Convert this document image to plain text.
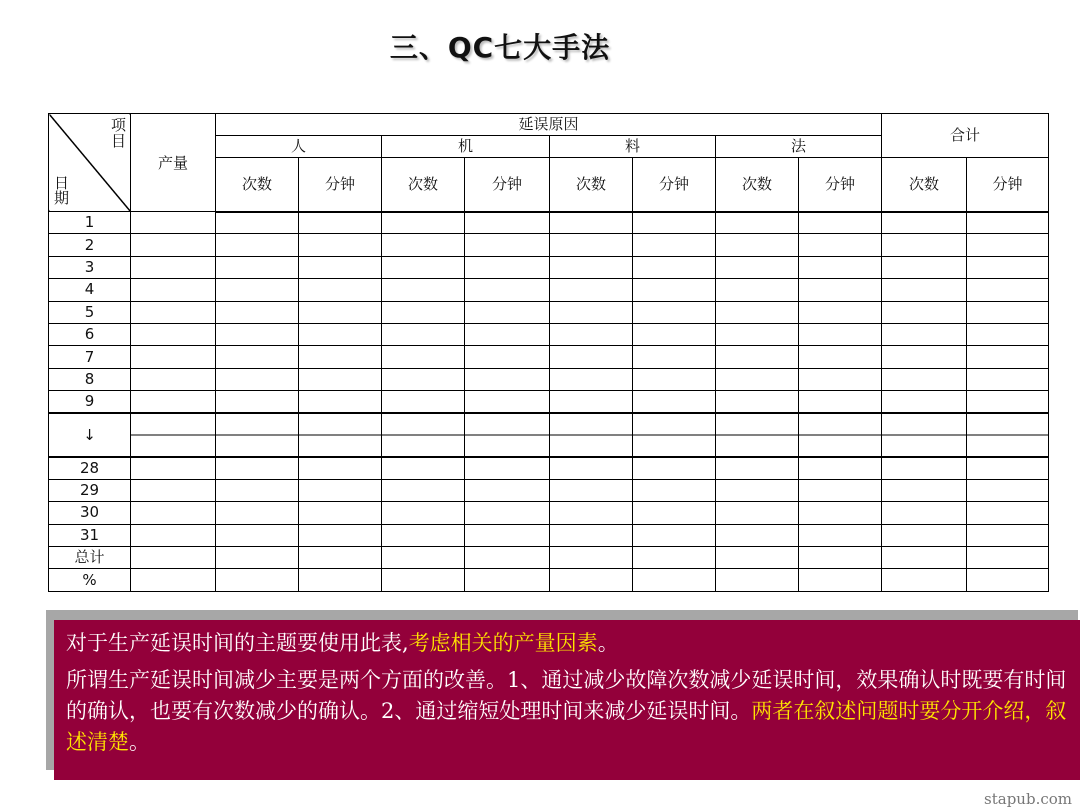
三、QC七大手法
项
目
日
期	产量	延误原因								合计	
		人		机		料		法			
		次数	分钟	次数	分钟	次数	分钟	次数	分钟	次数	分钟
1											
2											
3											
4											
5											
6											
7											
8											
9											
↓											
28											
29											
30											
31											
总计											
%											

对于生产延误时间的主题要使用此表,考虑相关的产量因素。

所谓生产延误时间减少主要是两个方面的改善。1、通过减少故障次数减少延误时间，效果确认时既要有时间的确认，也要有次数减少的确认。2、通过缩短处理时间来减少延误时间。两者在叙述问题时要分开介绍，叙述清楚。

stapub.com
